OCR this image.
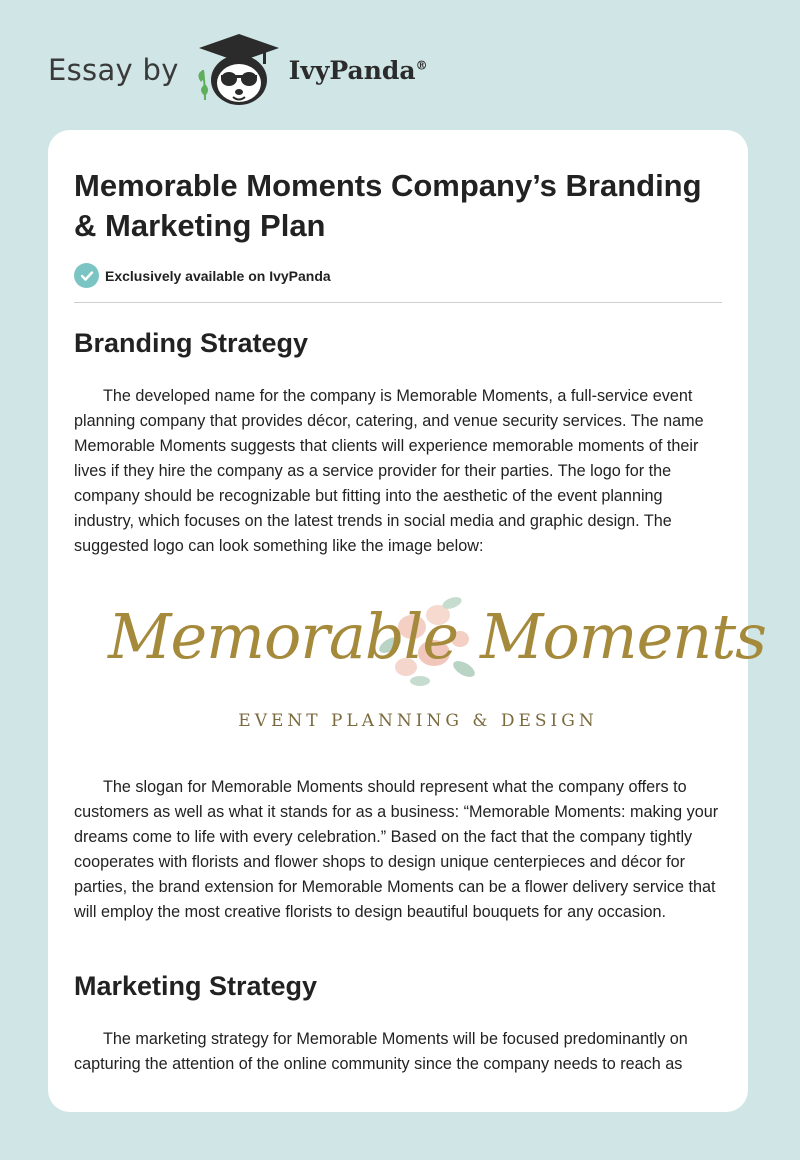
Essay by	IvyPanda®
Memorable Moments Company’s Branding & Marketing Plan
Exclusively available on IvyPanda
Branding Strategy

The developed name for the company is Memorable Moments, a full-service event planning company that provides décor, catering, and venue security services. The name Memorable Moments suggests that clients will experience memorable moments of their lives if they hire the company as a service provider for their parties. The logo for the company should be recognizable but fitting into the aesthetic of the event planning industry, which focuses on the latest trends in social media and graphic design. The suggested logo can look something like the image below:

Memorable Moments
EVENT PLANNING & DESIGN

The slogan for Memorable Moments should represent what the company offers to customers as well as what it stands for as a business: “Memorable Moments: making your dreams come to life with every celebration.” Based on the fact that the company tightly cooperates with florists and flower shops to design unique centerpieces and décor for parties, the brand extension for Memorable Moments can be a flower delivery service that will employ the most creative florists to design beautiful bouquets for any occasion.

Marketing Strategy

The marketing strategy for Memorable Moments will be focused predominantly on capturing the attention of the online community since the company needs to reach as
